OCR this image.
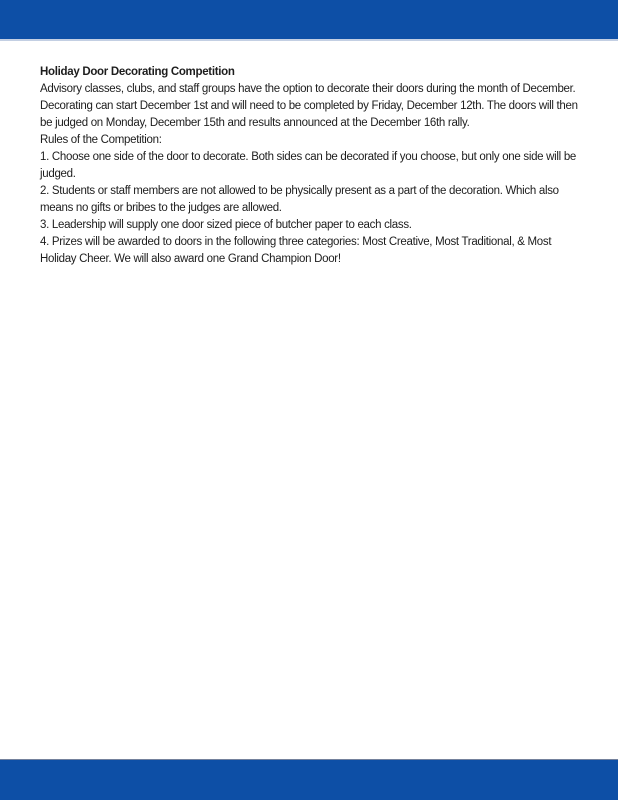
Holiday Door Decorating Competition
Advisory classes, clubs, and staff groups have the option to decorate their doors during the month of December.
Decorating can start December 1st and will need to be completed by Friday, December 12th. The doors will then
be judged on Monday, December 15th and results announced at the December 16th rally.
Rules of the Competition:
1. Choose one side of the door to decorate. Both sides can be decorated if you choose, but only one side will be
judged.
2. Students or staff members are not allowed to be physically present as a part of the decoration. Which also
means no gifts or bribes to the judges are allowed.
3. Leadership will supply one door sized piece of butcher paper to each class.
4. Prizes will be awarded to doors in the following three categories: Most Creative, Most Traditional, & Most
Holiday Cheer. We will also award one Grand Champion Door!
